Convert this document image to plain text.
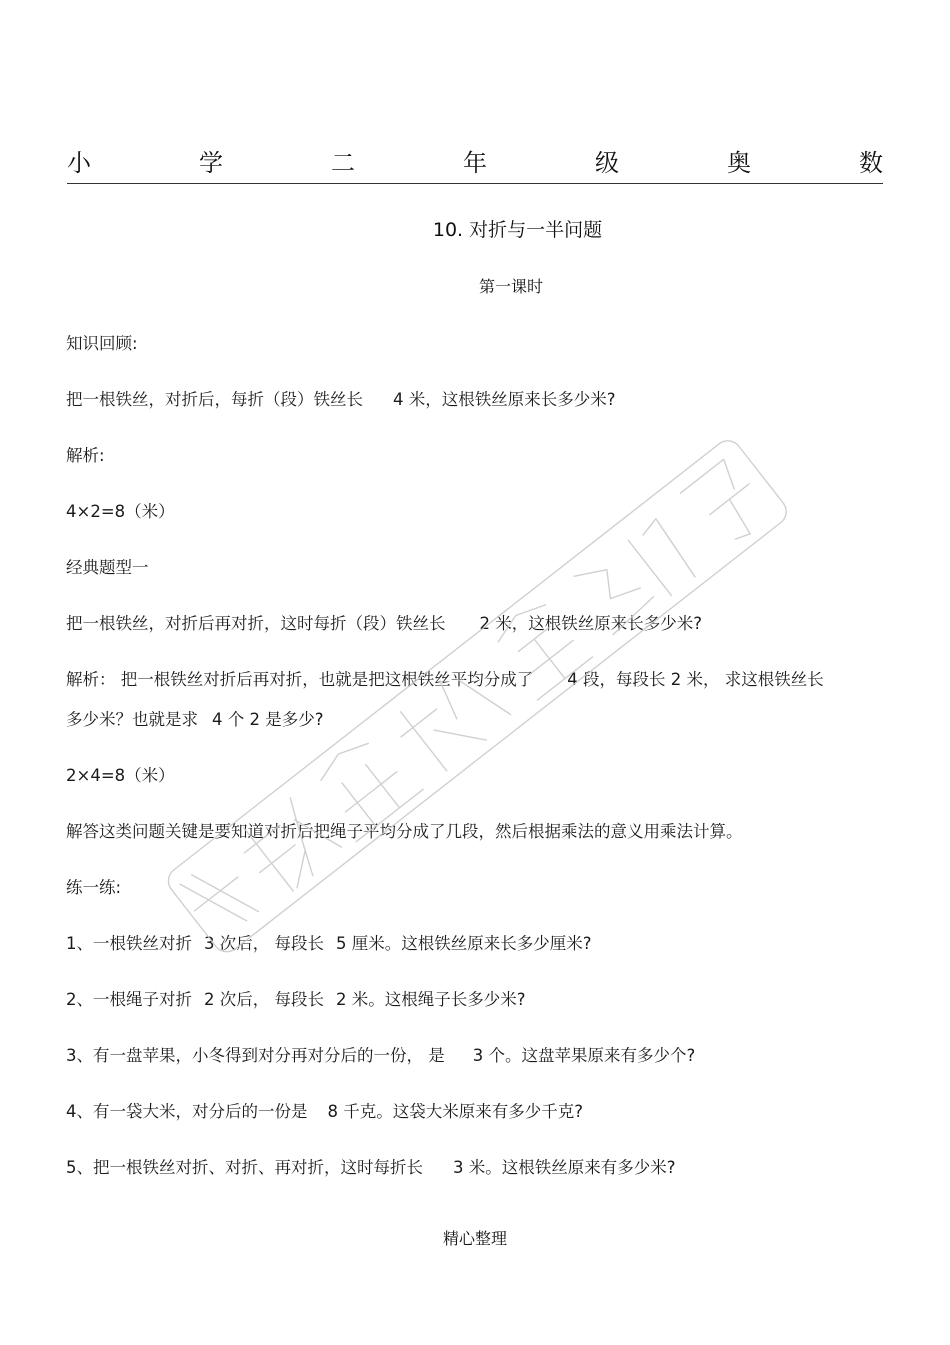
小	学	二	年	级	奥	数
10. 对折与一半问题
第一课时
知识回顾:
把一根铁丝，对折后，每折（段）铁丝长 4 米，这根铁丝原来长多少米?
解析:
4×2=8（米）
经典题型一
把一根铁丝，对折后再对折，这时每折（段）铁丝长 2 米，这根铁丝原来长多少米?
解析： 把一根铁丝对折后再对折，也就是把这根铁丝平均分成了 4 段，每段长 2 米， 求这根铁丝长
多少米？也就是求 4 个 2 是多少?
2×4=8（米）
解答这类问题关键是要知道对折后把绳子平均分成了几段，然后根据乘法的意义用乘法计算。
练一练:
1、一根铁丝对折 3 次后， 每段长 5 厘米。这根铁丝原来长多少厘米?
2、一根绳子对折 2 次后， 每段长 2 米。这根绳子长多少米?
3、有一盘苹果，小冬得到对分再对分后的一份， 是 3 个。这盘苹果原来有多少个?
4、有一袋大米，对分后的一份是 8 千克。这袋大米原来有多少千克?
5、把一根铁丝对折、对折、再对折，这时每折长 3 米。这根铁丝原来有多少米?
精心整理
